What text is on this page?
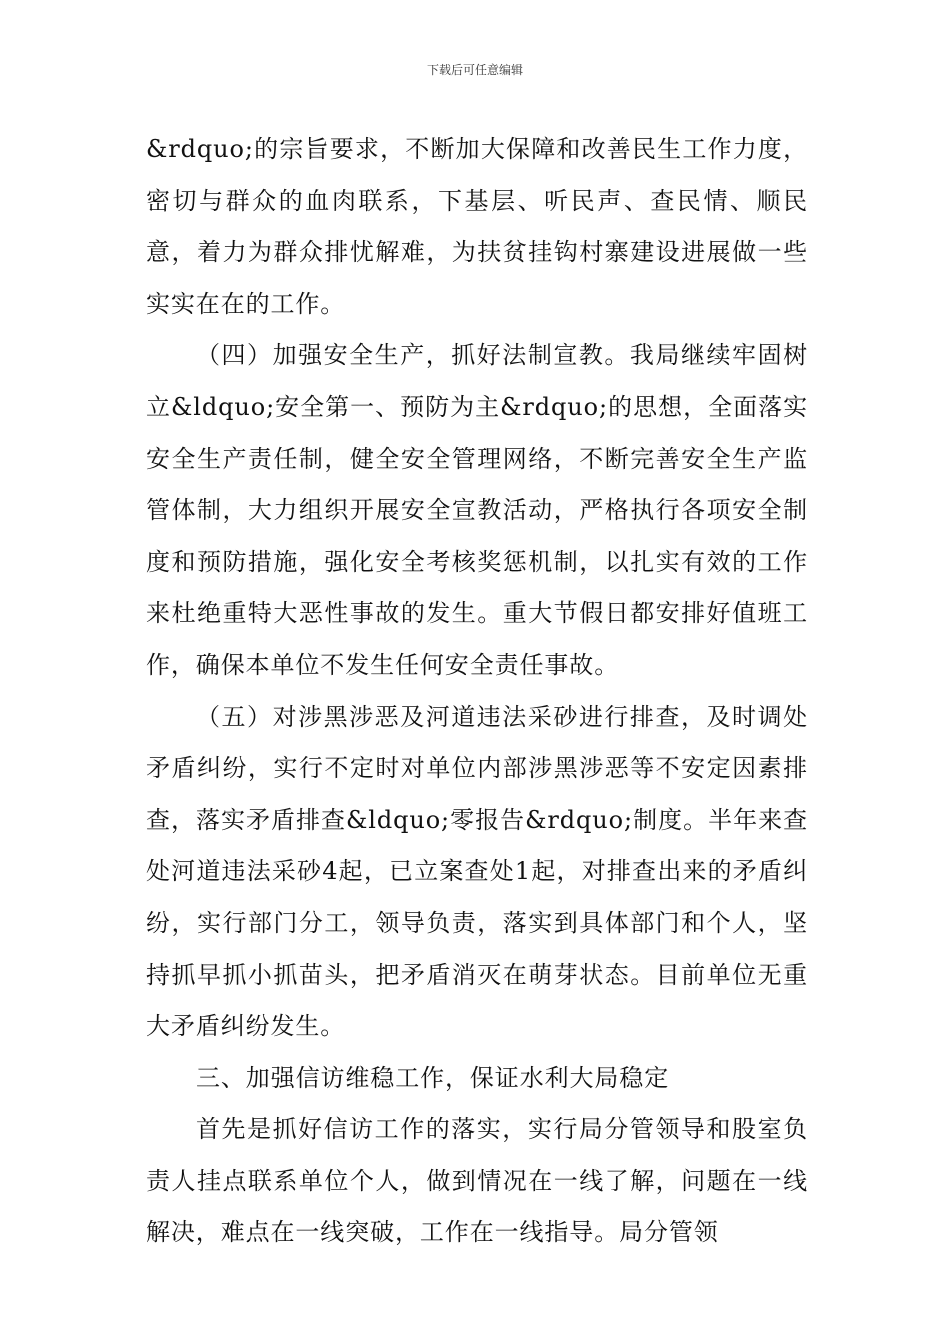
下载后可任意编辑

&rdquo;的宗旨要求，不断加大保障和改善民生工作力度，密切与群众的血肉联系，下基层、听民声、查民情、顺民意，着力为群众排忧解难，为扶贫挂钩村寨建设进展做一些实实在在的工作。

（四）加强安全生产，抓好法制宣教。我局继续牢固树立&ldquo;安全第一、预防为主&rdquo;的思想，全面落实安全生产责任制，健全安全管理网络，不断完善安全生产监管体制，大力组织开展安全宣教活动，严格执行各项安全制度和预防措施，强化安全考核奖惩机制，以扎实有效的工作来杜绝重特大恶性事故的发生。重大节假日都安排好值班工作，确保本单位不发生任何安全责任事故。

（五）对涉黑涉恶及河道违法采砂进行排查，及时调处矛盾纠纷，实行不定时对单位内部涉黑涉恶等不安定因素排查，落实矛盾排查&ldquo;零报告&rdquo;制度。半年来查处河道违法采砂4起，已立案查处1起，对排查出来的矛盾纠纷，实行部门分工，领导负责，落实到具体部门和个人，坚持抓早抓小抓苗头，把矛盾消灭在萌芽状态。目前单位无重大矛盾纠纷发生。

三、加强信访维稳工作，保证水利大局稳定

首先是抓好信访工作的落实，实行局分管领导和股室负责人挂点联系单位个人，做到情况在一线了解，问题在一线解决，难点在一线突破，工作在一线指导。局分管领
